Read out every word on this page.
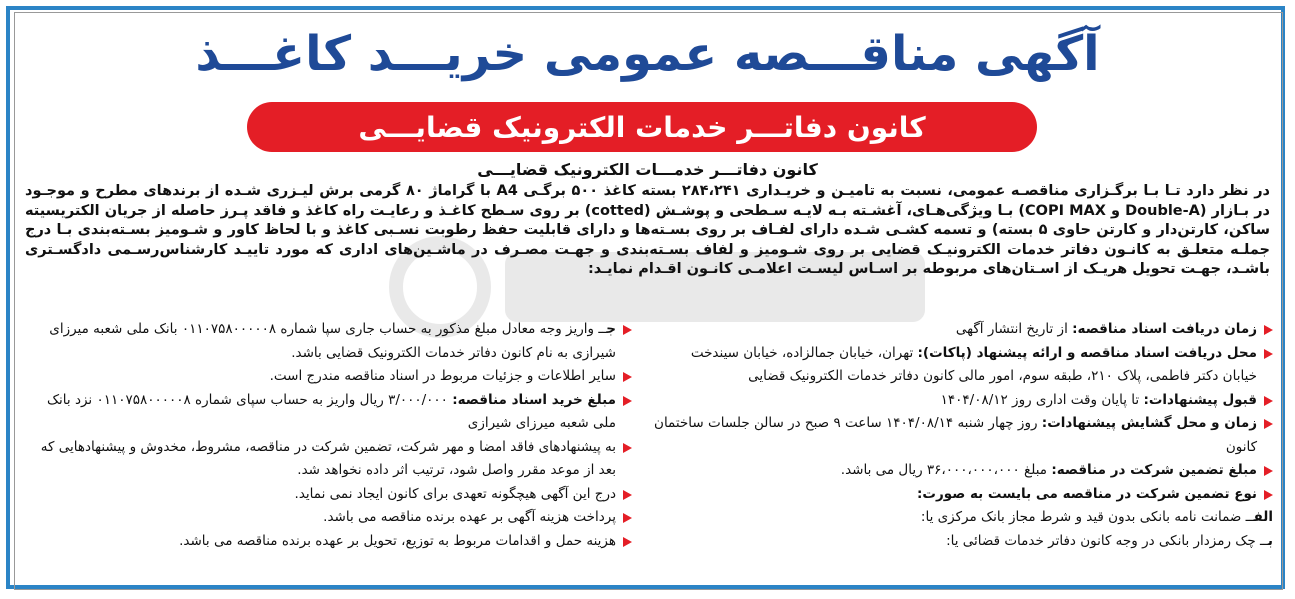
آگهی مناقـــصه عمومی خریـــد کاغـــذ
کانون دفاتـــر خدمات الکترونیک قضایـــی
کانون دفاتـــر خدمـــات الکترونیک قضایـــی
در نظر دارد تـا بـا برگـزاری مناقصـه عمومی، نسبت به تامیـن و خریـداری ۲۸۴،۲۴۱ بسته کاغذ ۵۰۰ برگـی A4 با گراماژ ۸۰ گرمی برش لیـزری شـده از برندهای مطرح و موجـود در بـازار (Double-A و COPI MAX) بـا ویژگی‌هـای، آغشـته بـه لایـه سـطحی و پوشـش (cotted) بر روی سـطح کاغـذ و رعایـت راه کاغذ و فاقد پـرز حاصله از جریان الکتریسیته ساکن، کارتن‌دار و کارتن حاوی ۵ بسته) و تسمه کشـی شـده دارای لفـاف بر روی بسـته‌ها و دارای قابلیت حفظ رطوبت نسـبی کاغذ و با لحاظ کاور و شـومیز بسـته‌بندی بـا درج جملـه متعلـق به کانـون دفاتر خدمات الکترونیـک قضایی بر روی شـومیز و لفاف بسـته‌بندی و جهـت مصـرف در ماشـین‌های اداری که مورد تاییـد کارشناس‌رسـمی دادگسـتری باشـد، جهـت تحویل هریـک از اسـتان‌های مربوطه بر اسـاس لیسـت اعلامـی کانـون اقـدام نمایـد:
زمان دریافت اسناد مناقصه: از تاریخ انتشار آگهی
محل دریافت اسناد مناقصه و ارائه پیشنهاد (پاکات): تهران، خیابان جمالزاده، خیابان سیندخت خیابان دکتر فاطمی، پلاک ۲۱۰، طبقه سوم، امور مالی کانون دفاتر خدمات الکترونیک قضایی
قبول پیشنهادات: تا پایان وقت اداری روز ۱۴۰۴/۰۸/۱۲
زمان و محل گشایش پیشنهادات: روز چهار شنبه ۱۴۰۴/۰۸/۱۴ ساعت ۹ صبح در سالن جلسات ساختمان کانون
مبلغ تضمین شرکت در مناقصه: مبلغ ۳۶،۰۰۰،۰۰۰،۰۰۰ ریال می باشد.
نوع تضمین شرکت در مناقصه می بایست به صورت:
الفــ ضمانت نامه بانکی بدون قید و شرط مجاز بانک مرکزی یا:
بــ چک رمزدار بانکی در وجه کانون دفاتر خدمات قضائی یا:
جــ واریز وجه معادل مبلغ مذکور به حساب جاری سپا شماره ۰۱۱۰۷۵۸۰۰۰۰۰۸ بانک ملی شعبه میرزای شیرازی به نام کانون دفاتر خدمات الکترونیک قضایی باشد.
سایر اطلاعات و جزئیات مربوط در اسناد مناقصه مندرج است.
مبلغ خرید اسناد مناقصه: ۳/۰۰۰/۰۰۰ ریال واریز به حساب سپای شماره ۰۱۱۰۷۵۸۰۰۰۰۰۸ نزد بانک ملی شعبه میرزای شیرازی
به پیشنهادهای فاقد امضا و مهر شرکت، تضمین شرکت در مناقصه، مشروط، مخدوش و پیشنهادهایی که بعد از موعد مقرر واصل شود، ترتیب اثر داده نخواهد شد.
درج این آگهی هیچگونه تعهدی برای کانون ایجاد نمی نماید.
پرداخت هزینه آگهی بر عهده برنده مناقصه می باشد.
هزینه حمل و اقدامات مربوط به توزیع، تحویل بر عهده برنده مناقصه می باشد.
